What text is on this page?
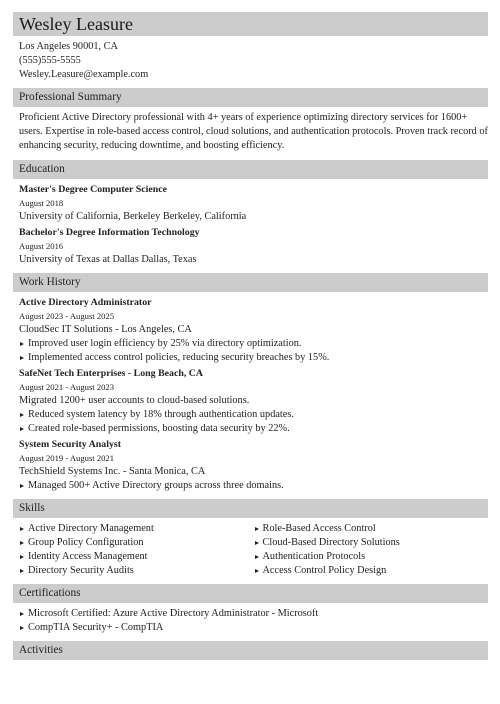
Wesley Leasure
Los Angeles 90001, CA
(555)555-5555
Wesley.Leasure@example.com
Professional Summary

Proficient Active Directory professional with 4+ years of experience optimizing directory services for 1600+ users. Expertise in role-based access control, cloud solutions, and authentication protocols. Proven track record of enhancing security, reducing downtime, and boosting efficiency.

Education
Master's Degree Computer Science
August 2018
University of California, Berkeley Berkeley, California
Bachelor's Degree Information Technology
August 2016
University of Texas at Dallas Dallas, Texas
Work History
Active Directory Administrator
August 2023 - August 2025
CloudSec IT Solutions - Los Angeles, CA
Improved user login efficiency by 25% via directory optimization.
Implemented access control policies, reducing security breaches by 15%.
SafeNet Tech Enterprises - Long Beach, CA
August 2021 - August 2023
Migrated 1200+ user accounts to cloud-based solutions.
Reduced system latency by 18% through authentication updates.
Created role-based permissions, boosting data security by 22%.
System Security Analyst
August 2019 - August 2021
TechShield Systems Inc. - Santa Monica, CA
Managed 500+ Active Directory groups across three domains.
Skills
Active Directory Management
Group Policy Configuration
Identity Access Management
Directory Security Audits
Role-Based Access Control
Cloud-Based Directory Solutions
Authentication Protocols
Access Control Policy Design
Certifications
Microsoft Certified: Azure Active Directory Administrator - Microsoft
CompTIA Security+ - CompTIA
Activities
